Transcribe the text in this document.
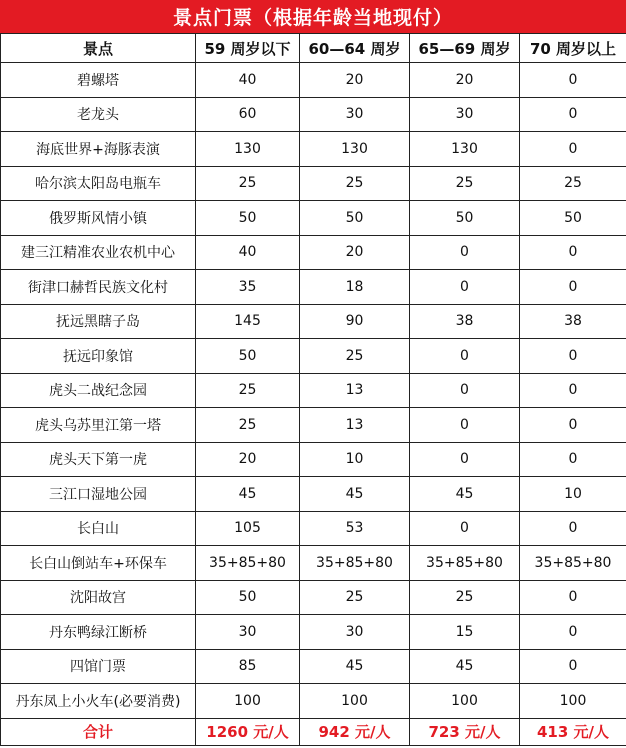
景点门票（根据年龄当地现付）
景点	59 周岁以下	60—64 周岁	65—69 周岁	70 周岁以上
碧螺塔	40	20	20	0
老龙头	60	30	30	0
海底世界+海豚表演	130	130	130	0
哈尔滨太阳岛电瓶车	25	25	25	25
俄罗斯风情小镇	50	50	50	50
建三江精准农业农机中心	40	20	0	0
街津口赫哲民族文化村	35	18	0	0
抚远黑瞎子岛	145	90	38	38
抚远印象馆	50	25	0	0
虎头二战纪念园	25	13	0	0
虎头乌苏里江第一塔	25	13	0	0
虎头天下第一虎	20	10	0	0
三江口湿地公园	45	45	45	10
长白山	105	53	0	0
长白山倒站车+环保车	35+85+80	35+85+80	35+85+80	35+85+80
沈阳故宫	50	25	25	0
丹东鸭绿江断桥	30	30	15	0
四馆门票	85	45	45	0
丹东凤上小火车(必要消费)	100	100	100	100
合计	1260 元/人	942 元/人	723 元/人	413 元/人
